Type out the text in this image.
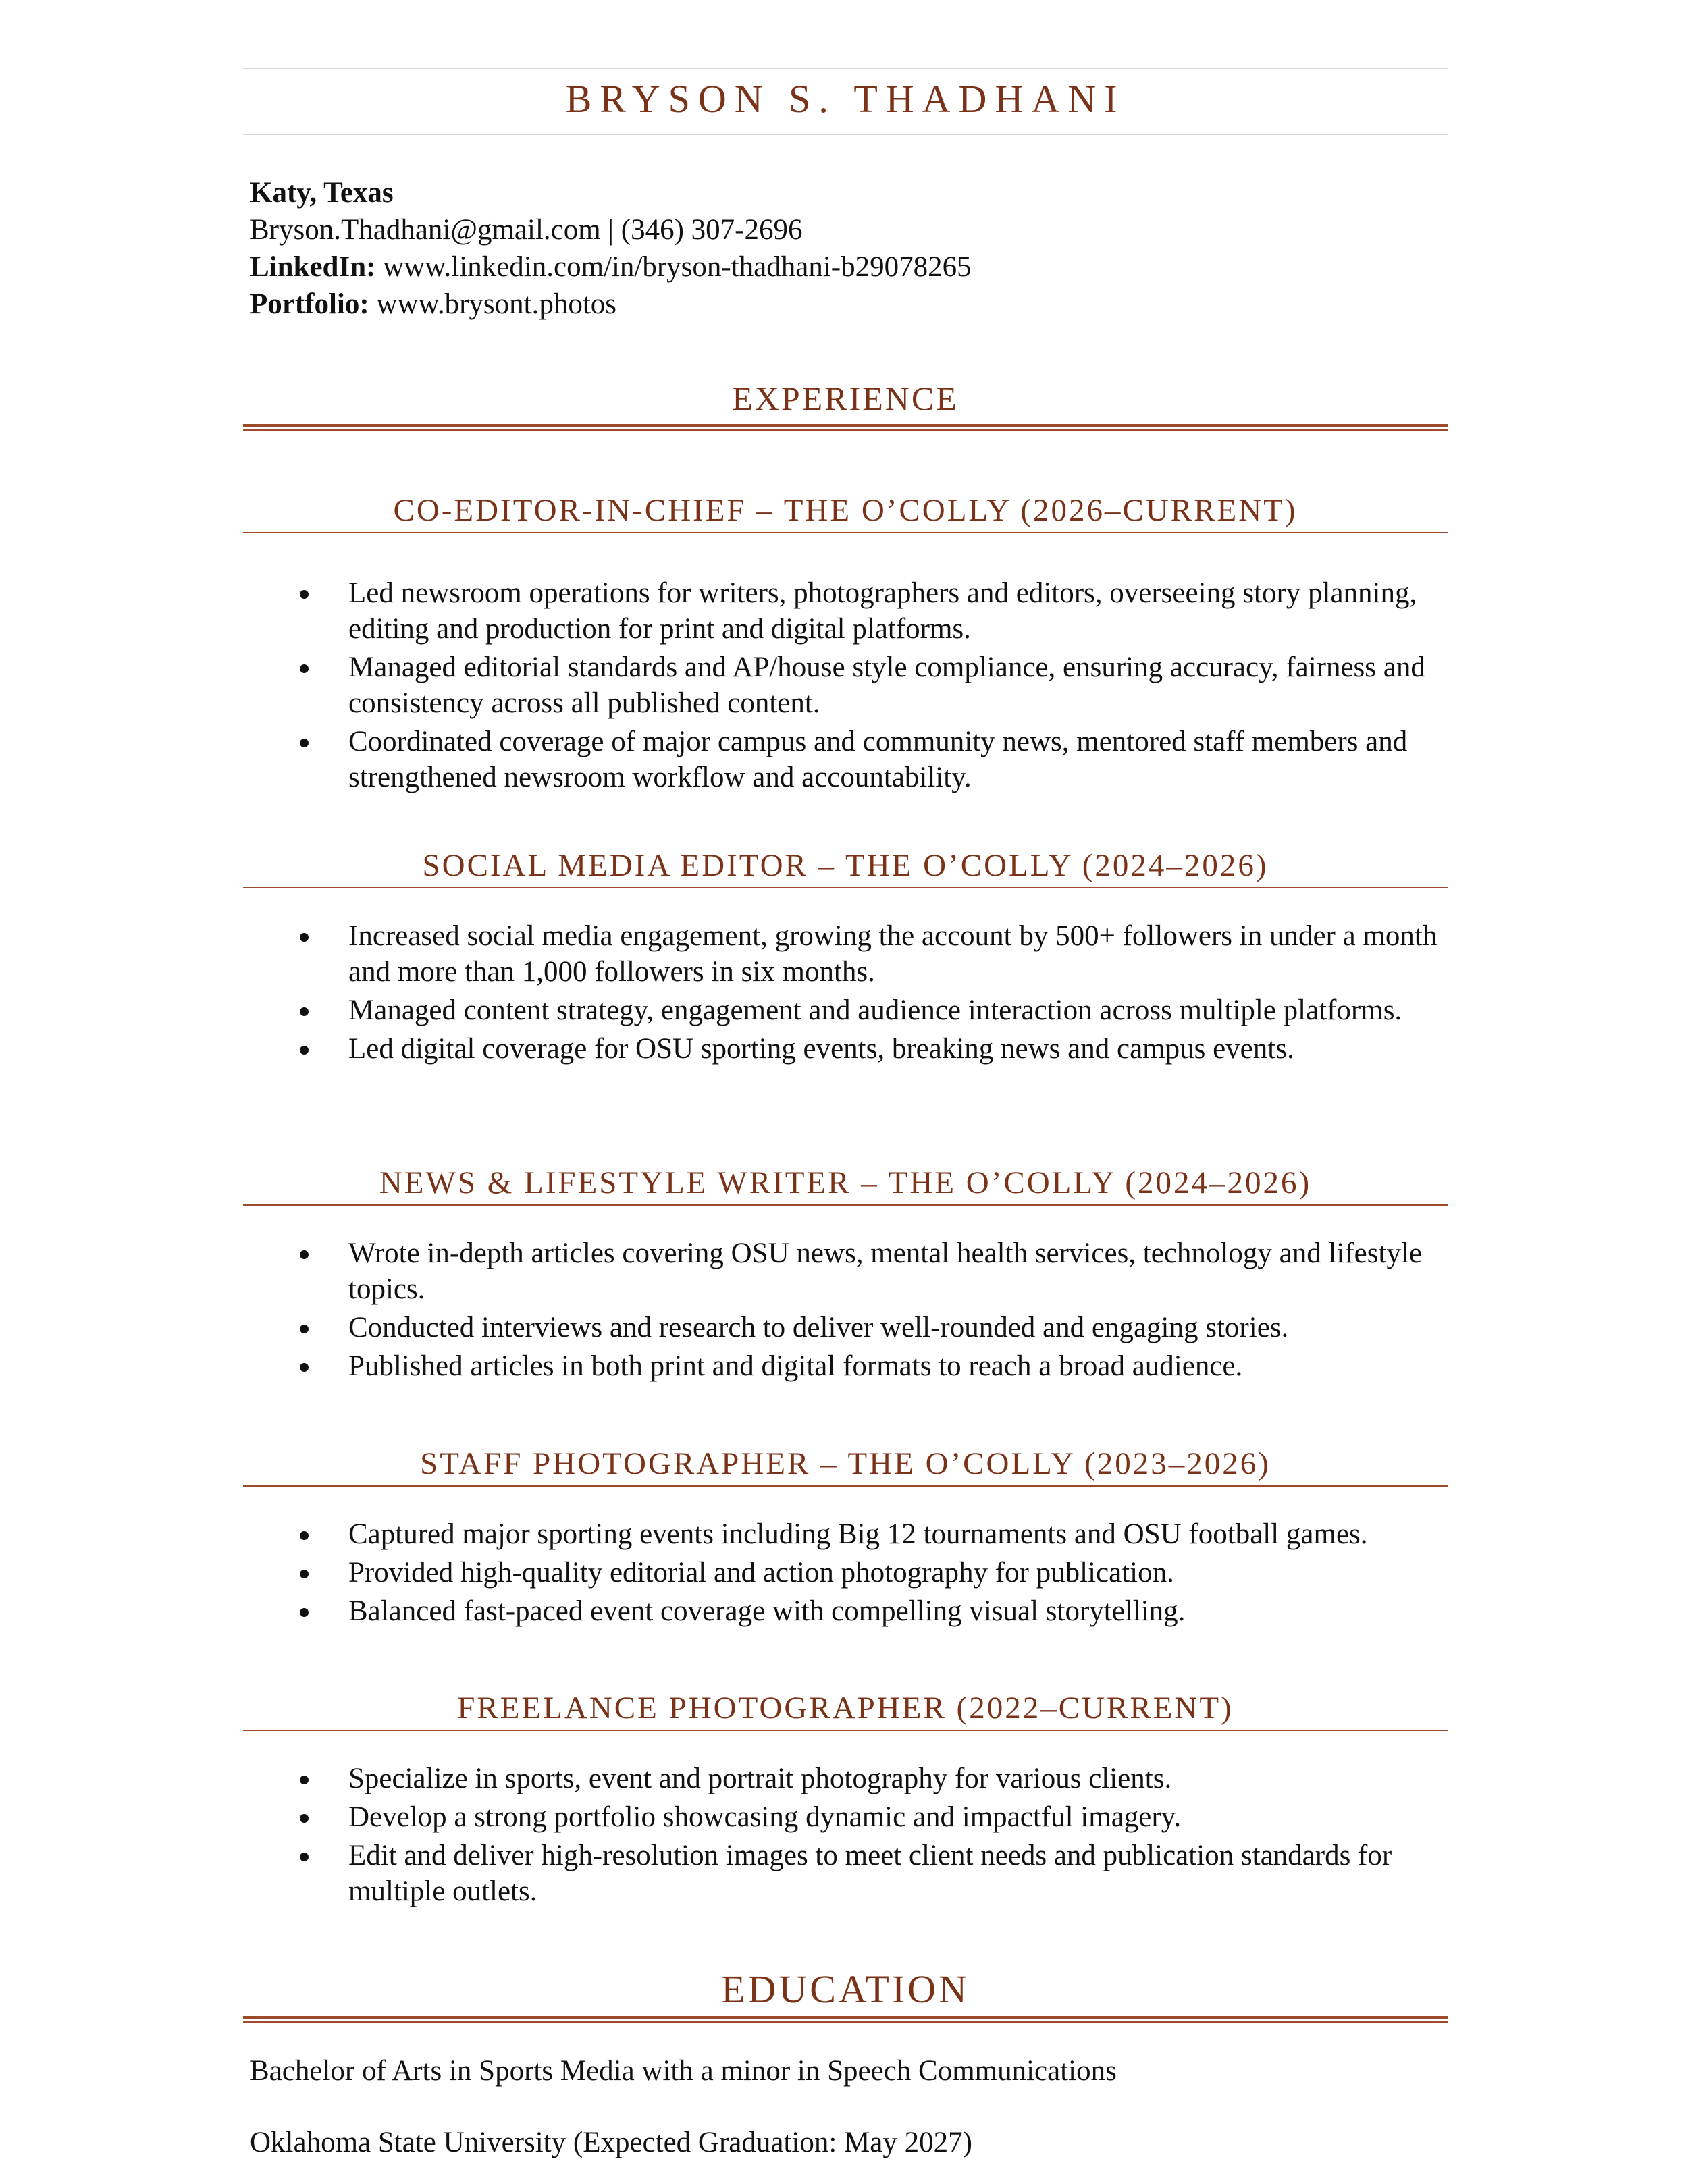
BRYSON S. THADHANI
Katy, Texas
Bryson.Thadhani@gmail.com | (346) 307-2696
LinkedIn: www.linkedin.com/in/bryson-thadhani-b29078265
Portfolio: www.brysont.photos
EXPERIENCE
CO-EDITOR-IN-CHIEF – THE O’COLLY (2026–CURRENT)
Led newsroom operations for writers, photographers and editors, overseeing story planning, editing and production for print and digital platforms.
Managed editorial standards and AP/house style compliance, ensuring accuracy, fairness and consistency across all published content.
Coordinated coverage of major campus and community news, mentored staff members and strengthened newsroom workflow and accountability.
SOCIAL MEDIA EDITOR – THE O’COLLY (2024–2026)
Increased social media engagement, growing the account by 500+ followers in under a month and more than 1,000 followers in six months.
Managed content strategy, engagement and audience interaction across multiple platforms.
Led digital coverage for OSU sporting events, breaking news and campus events.
NEWS & LIFESTYLE WRITER – THE O’COLLY (2024–2026)
Wrote in-depth articles covering OSU news, mental health services, technology and lifestyle topics.
Conducted interviews and research to deliver well-rounded and engaging stories.
Published articles in both print and digital formats to reach a broad audience.
STAFF PHOTOGRAPHER – THE O’COLLY (2023–2026)
Captured major sporting events including Big 12 tournaments and OSU football games.
Provided high-quality editorial and action photography for publication.
Balanced fast-paced event coverage with compelling visual storytelling.
FREELANCE PHOTOGRAPHER (2022–CURRENT)
Specialize in sports, event and portrait photography for various clients.
Develop a strong portfolio showcasing dynamic and impactful imagery.
Edit and deliver high-resolution images to meet client needs and publication standards for multiple outlets.
EDUCATION
Bachelor of Arts in Sports Media with a minor in Speech Communications
Oklahoma State University (Expected Graduation: May 2027)
